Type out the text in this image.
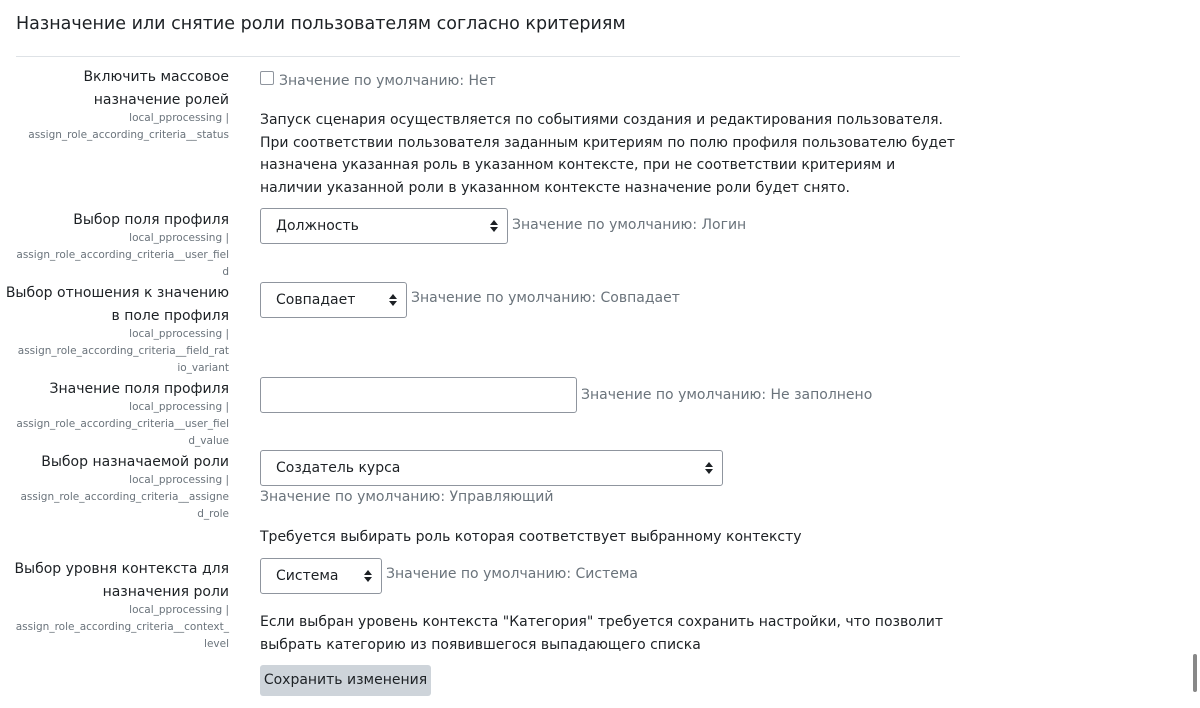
Назначение или снятие роли пользователям согласно критериям
Включить массовое
назначение ролей
local_pprocessing |
assign_role_according_criteria__status
Значение по умолчанию: Нет
Запуск сценария осуществляется по событиями создания и редактирования пользователя. При соответствии пользователя заданным критериям по полю профиля пользователю будет назначена указанная роль в указанном контексте, при не соответствии критериям и наличии указанной роли в указанном контексте назначение роли будет снято.
Выбор поля профиля
local_pprocessing |
assign_role_according_criteria__user_field
Должность	Значение по умолчанию: Логин
Выбор отношения к значению
в поле профиля
local_pprocessing |
assign_role_according_criteria__field_ratio_variant
Совпадает	Значение по умолчанию: Совпадает
Значение поля профиля
local_pprocessing |
assign_role_according_criteria__user_field_value
Значение по умолчанию: Не заполнено
Выбор назначаемой роли
local_pprocessing |
assign_role_according_criteria__assigned_role
Создатель курса
Значение по умолчанию: Управляющий
Требуется выбирать роль которая соответствует выбранному контексту
Выбор уровня контекста для
назначения роли
local_pprocessing |
assign_role_according_criteria__context_level
Система	Значение по умолчанию: Система
Если выбран уровень контекста "Категория" требуется сохранить настройки, что позволит выбрать категорию из появившегося выпадающего списка
Сохранить изменения
